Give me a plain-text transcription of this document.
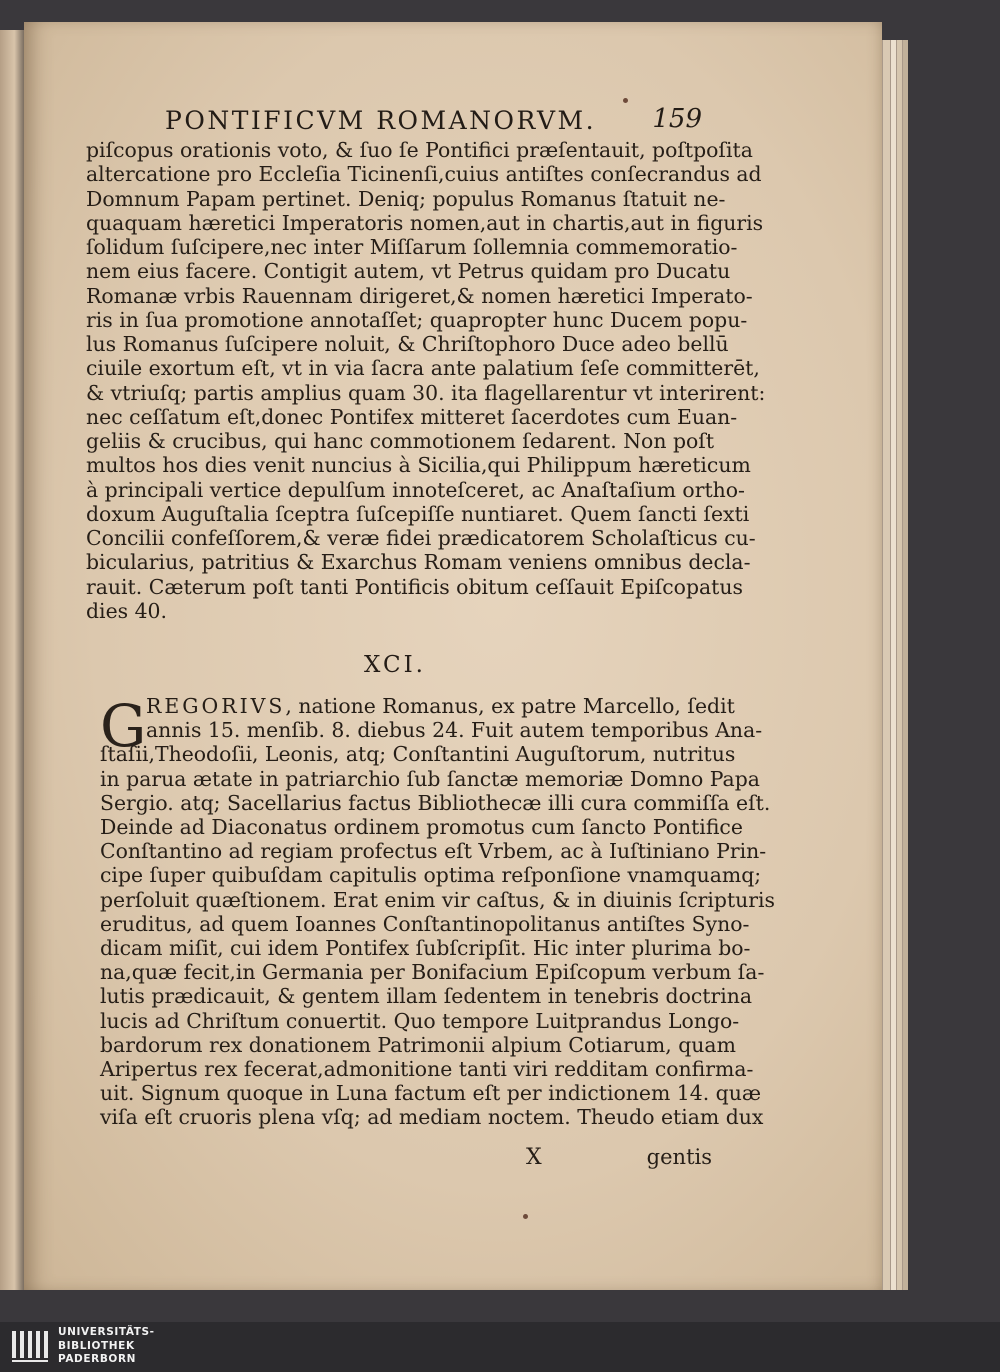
PONTIFICVM ROMANORVM. 159
piſcopus orationis voto, & ſuo ſe Pontifici præſentauit, poſtpoſita
altercatione pro Eccleſia Ticinenſi,cuius antiſtes conſecrandus ad
Domnum Papam pertinet. Deniq; populus Romanus ſtatuit ne-
quaquam hæretici Imperatoris nomen,aut in chartis,aut in figuris
ſolidum ſuſcipere,nec inter Miſſarum ſollemnia commemoratio-
nem eius facere. Contigit autem, vt Petrus quidam pro Ducatu
Romanæ vrbis Rauennam dirigeret,& nomen hæretici Imperato-
ris in ſua promotione annotaſſet; quapropter hunc Ducem popu-
lus Romanus ſuſcipere noluit, & Chriſtophoro Duce adeo bellū
ciuile exortum eſt, vt in via ſacra ante palatium ſeſe committerēt,
& vtriuſq; partis amplius quam 30. ita flagellarentur vt interirent:
nec ceſſatum eſt,donec Pontifex mitteret ſacerdotes cum Euan-
geliis & crucibus, qui hanc commotionem ſedarent. Non poſt
multos hos dies venit nuncius à Sicilia,qui Philippum hæreticum
à principali vertice depulſum innoteſceret, ac Anaſtaſium ortho-
doxum Auguſtalia ſceptra ſuſcepiſſe nuntiaret. Quem ſancti ſexti
Concilii confeſſorem,& veræ fidei prædicatorem Scholaſticus cu-
bicularius, patritius & Exarchus Romam veniens omnibus decla-
rauit. Cæterum poſt tanti Pontificis obitum ceſſauit Epiſcopatus
dies 40.
XCI.
G REGORIVS, natione Romanus, ex patre Marcello, ſedit
annis 15. menſib. 8. diebus 24. Fuit autem temporibus Ana-
ſtaſii,Theodoſii, Leonis, atq; Conſtantini Auguſtorum, nutritus
in parua ætate in patriarchio ſub ſanctæ memoriæ Domno Papa
Sergio. atq; Sacellarius factus Bibliothecæ illi cura commiſſa eſt.
Deinde ad Diaconatus ordinem promotus cum ſancto Pontifice
Conſtantino ad regiam profectus eſt Vrbem, ac à Iuſtiniano Prin-
cipe ſuper quibuſdam capitulis optima reſponſione vnamquamq;
perſoluit quæſtionem. Erat enim vir caſtus, & in diuinis ſcripturis
eruditus, ad quem Ioannes Conſtantinopolitanus antiſtes Syno-
dicam miſit, cui idem Pontifex ſubſcripſit. Hic inter plurima bo-
na,quæ fecit,in Germania per Bonifacium Epiſcopum verbum ſa-
lutis prædicauit, & gentem illam ſedentem in tenebris doctrina
lucis ad Chriſtum conuertit. Quo tempore Luitprandus Longo-
bardorum rex donationem Patrimonii alpium Cotiarum, quam
Aripertus rex fecerat,admonitione tanti viri redditam confirma-
uit. Signum quoque in Luna factum eſt per indictionem 14. quæ
viſa eſt cruoris plena vſq; ad mediam noctem. Theudo etiam dux
X	gentis
UNIVERSITÄTS-
BIBLIOTHEK
PADERBORN
